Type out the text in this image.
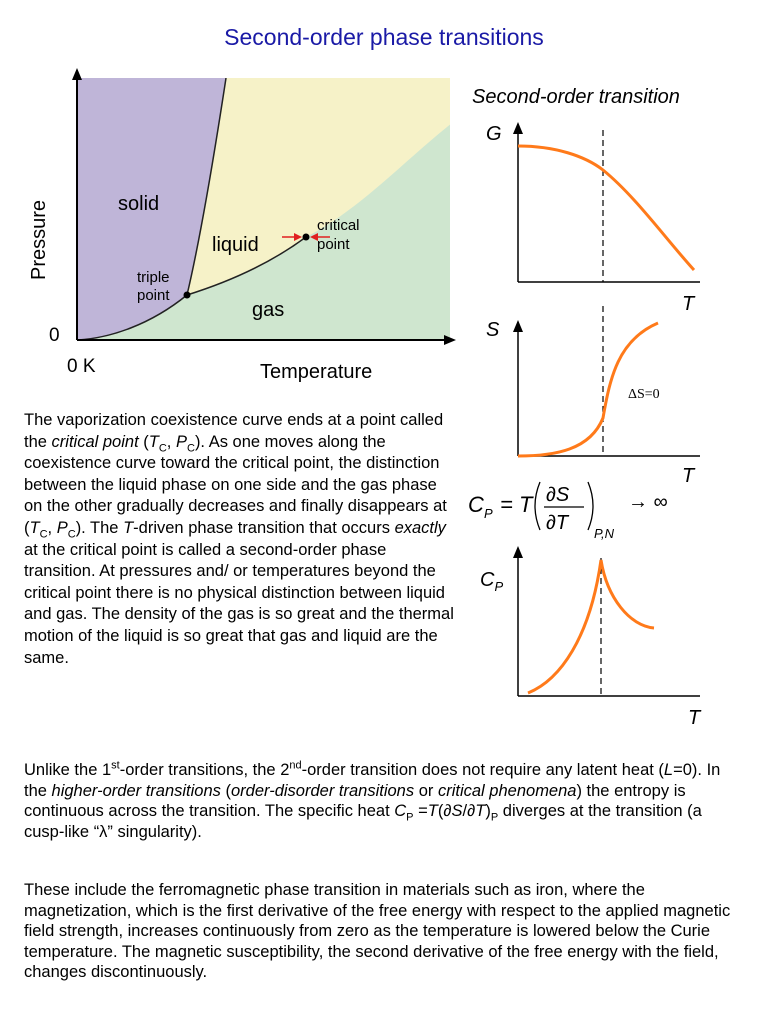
Second-order phase transitions
Pressure
0
0 K	Temperature
solid
liquid
gas
triple
point
critical
point
Second-order transition
G
T
S
ΔS=0
T
C P = T ∂S
∂T P,N
→ ∞
$C_P$
T

The vaporization coexistence curve ends at a point called the critical point ($T_C$, $P_C$). As one moves along the coexistence curve toward the critical point, the distinction between the liquid phase on one side and the gas phase on the other gradually decreases and finally disappears at ($T_C$, $P_C$). The T-driven phase transition that occurs exactly at the critical point is called a second-order phase transition. At pressures and/ or temperatures beyond the critical point there is no physical distinction between liquid and gas. The density of the gas is so great and the thermal motion of the liquid is so great that gas and liquid are the same.

Unlike the 1st-order transitions, the 2nd-order transition does not require any latent heat (L=0). In the higher-order transitions (order-disorder transitions or critical phenomena) the entropy is continuous across the transition. The specific heat $C_P =T(\partial S/\partial T)_P$ diverges at the transition (a cusp-like “λ” singularity).

These include the ferromagnetic phase transition in materials such as iron, where the magnetization, which is the first derivative of the free energy with respect to the applied magnetic field strength, increases continuously from zero as the temperature is lowered below the Curie temperature. The magnetic susceptibility, the second derivative of the free energy with the field, changes discontinuously.
